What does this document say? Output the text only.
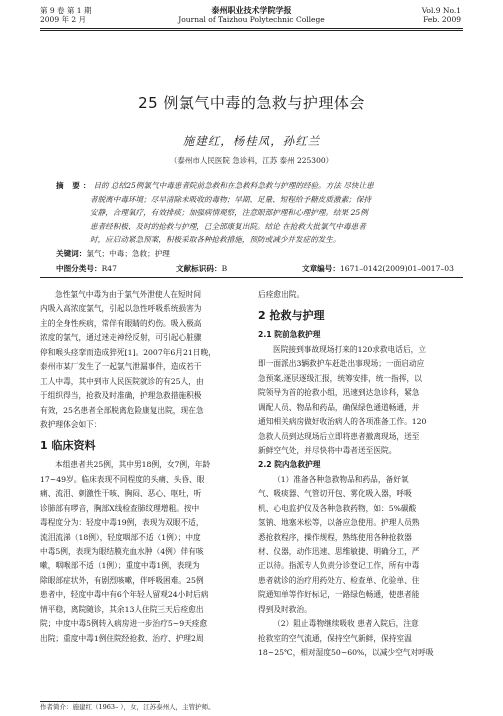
第 9 卷 第 1 期
2009 年 2 月
泰州职业技术学院学报
Journal of Taizhou Polytechnic College
Vol.9 No.1
Feb. 2009
25 例氯气中毒的急救与护理体会
施建红，杨桂凤，孙红兰
（泰州市人民医院 急诊科，江苏 泰州 225300）
摘 要：目的 总结25例氯气中毒患者院前急救和在急救科急救与护理的经验。方法 尽快让患
者脱离中毒环境；尽早清除未吸收的毒物；早期、足量、短程给予糖皮质激素；保持
安静，合理氧疗，有效排痰；加强病情观察，注意眼部护理和心理护理。结果 25例
患者经积极、及时的抢救与护理，已全部康复出院。结论 在抢救大批氯气中毒患者
时，应启动紧急预案，积极采取各种抢救措施，预防或减少并发症的发生。
关键词：氯气；中毒；急救；护理
中图分类号：R47	文献标识码：B	文章编号：1671–0142(2009)01–0017–03
急性氯气中毒为由于氯气外泄使人在短时间
内吸入高浓度氯气，引起以急性呼吸系统损害为
主的全身性疾病，常伴有眼睛的灼伤。吸入极高
浓度的氯气，通过迷走神经反射，可引起心脏骤
停和喉头痉挛而造成猝死[1]。2007年6月21日晚，
泰州市某厂发生了一起氯气泄漏事件，造成若干
工人中毒，其中到市人民医院就诊的有25人，由
于组织得当，抢救及时准确，护理急救措施积极
有效，25名患者全部脱离危险康复出院，现在急
救护理体会如下：
1 临床资料
本组患者共25例，其中男18例，女7例，年龄
17~49岁。临床表现不同程度的头痛、头昏、眼
痛、流泪、刺激性干咳、胸闷、恶心、呕吐，听
诊肺部有啰音，胸部X线检查肺纹理增粗。按中
毒程度分为：轻度中毒19例，表现为双眼不适，
流泪流涕（18例），轻度咽部不适（1例）；中度
中毒5例，表现为眼结膜充血水肿（4例）伴有咳
嗽，咽喉部不适（1例）；重度中毒1例，表现为
除眼部症状外，有剧烈咳嗽，伴呼吸困难。25例
患者中，轻度中毒中有6个年轻人留观24小时后病
情平稳，离院随诊，其余13人住院三天后痊愈出
院；中度中毒5例转入病房进一步治疗5~9天痊愈
出院；重度中毒1例住院经抢救、治疗、护理2周
后痊愈出院。
2 抢救与护理
2.1 院前急救护理
医院接到事故现场打来的120求救电话后，立
即一面派出3辆救护车赶赴出事现场；一面启动应
急预案,逐层逐级汇报，统筹安排，统一指挥，以
院领导为首的抢救小组，迅速到达急诊科，紧急
调配人员、物品和药品，确保绿色通道畅通，并
通知相关病房做好收治病人的各项准备工作。120
急救人员到达现场后立即将患者撤离现场，送至
新鲜空气处，并尽快将中毒者送至医院。
2.2 院内急救护理
（1）准备各种急救物品和药品，备好氧
气、吸痰器、气管切开包、雾化吸入器，呼吸
机、心电监护仪及各种急救药物，如：5%碳酸
氢钠、地塞米松等，以备应急使用。护理人员熟
悉抢救程序，操作规程，熟练使用各种抢救器
材、仪器，动作迅速、思维敏捷、明确分工，严
正以待。指派专人负责分诊登记工作，所有中毒
患者就诊的治疗用药处方、检查单、化验单、住
院通知单等作好标记，一路绿色畅通，使患者能
得到及时救治。
（2）阻止毒物继续吸收 患者入院后，注意
抢救室的空气流通，保持空气新鲜，保持室温
18~25℃，相对湿度50~60%，以减少空气对呼吸
作者简介：施建红（1963– ），女，江苏泰州人，主管护师。
